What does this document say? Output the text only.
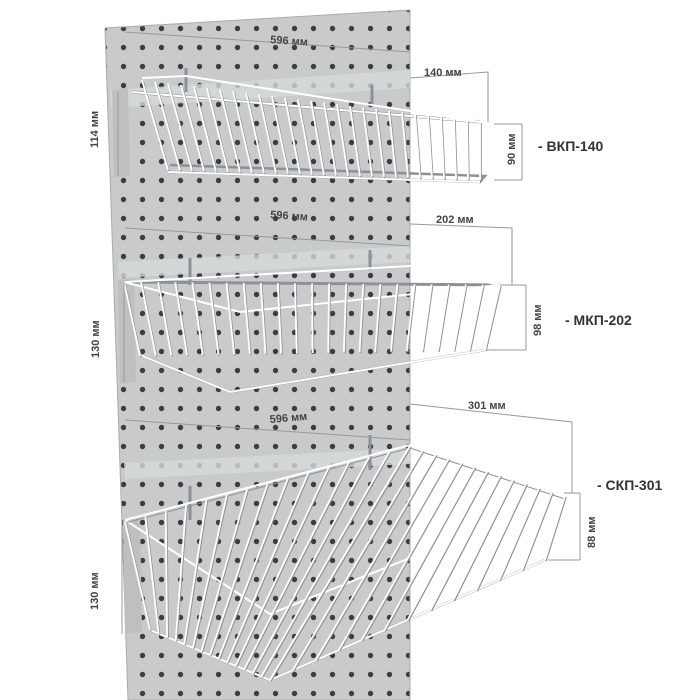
596 мм
140 мм
90 мм
114 мм	- ВКП-140
596 мм	202 мм
98 мм
130 мм
- МКП-202
596 мм
301 мм
88 мм
130 мм
- СКП-301
